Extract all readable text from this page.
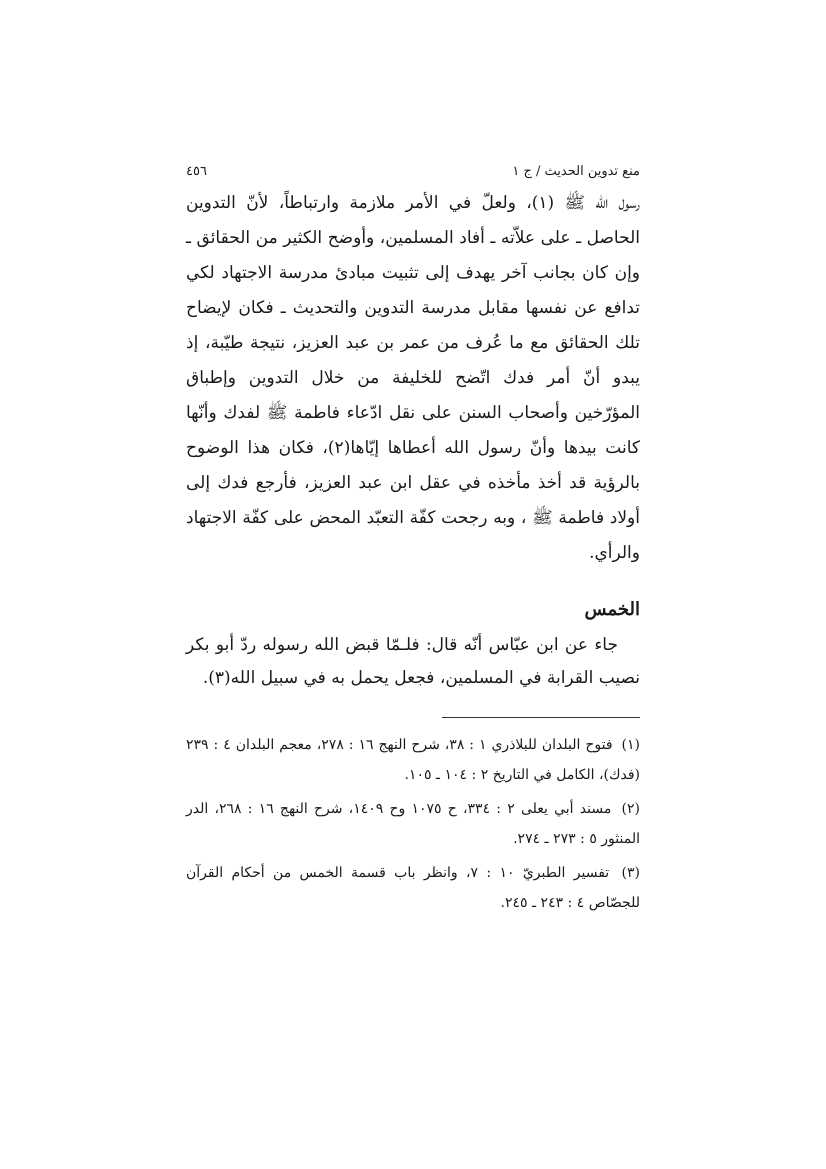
منع تدوين الحديث / ج ١
٤٥٦

رسول الله ﷺ (١)، ولعلّ في الأمر ملازمة وارتباطاً، لأنّ التدوين الحاصل ـ على علاّته ـ أفاد المسلمين، وأوضح الكثير من الحقائق ـ وإن كان بجانب آخر يهدف إلى تثبيت مبادئ مدرسة الاجتهاد لكي تدافع عن نفسها مقابل مدرسة التدوين والتحديث ـ فكان لإيضاح تلك الحقائق مع ما عُرف من عمر بن عبد العزيز، نتيجة طيّبة، إذ يبدو أنّ أمر فدك اتّضح للخليفة من خلال التدوين وإطباق المؤرّخين وأصحاب السنن على نقل ادّعاء فاطمة ﷺ لفدك وأنّها كانت بيدها وأنّ رسول الله أعطاها إيّاها(٢)، فكان هذا الوضوح بالرؤية قد أخذ مأخذه في عقل ابن عبد العزيز، فأرجع فدك إلى أولاد فاطمة ﷺ ، وبه رجحت كفّة التعبّد المحض على كفّة الاجتهاد والرأي.

الخمس

جاء عن ابن عبّاس أنّه قال: فلـمّا قبض الله رسوله ردّ أبو بكر نصيب القرابة في المسلمين، فجعل يحمل به في سبيل الله(٣).

(١) فتوح البلدان للبلاذري ١ : ٣٨، شرح النهج ١٦ : ٢٧٨، معجم البلدان ٤ : ٢٣٩ (فدك)، الكامل في التاريخ ٢ : ١٠٤ ـ ١٠٥.
(٢) مسند أبي يعلى ٢ : ٣٣٤، ح ١٠٧٥ وح ١٤٠٩، شرح النهج ١٦ : ٢٦٨، الدر المنثور ٥ : ٢٧٣ ـ ٢٧٤.
(٣) تفسير الطبريّ ١٠ : ٧، وانظر باب قسمة الخمس من أحكام القرآن للجصّاص ٤ : ٢٤٣ ـ ٢٤٥.
